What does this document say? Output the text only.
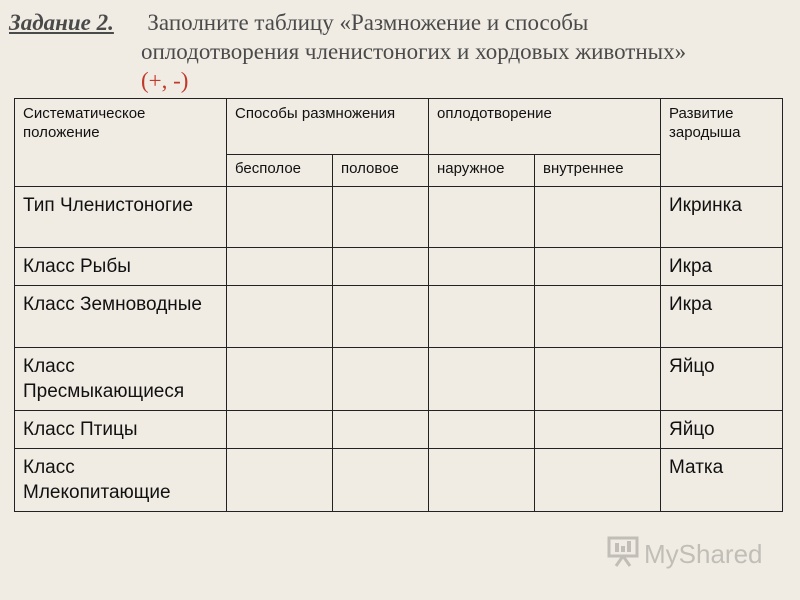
Задание 2. Заполните таблицу «Размножение и способы
оплодотворения членистоногих и хордовых животных»
(+, -)
Систематическое положение	Способы размножения		оплодотворение		Развитие зародыша
	бесполое	половое	наружное	внутреннее	
Тип Членистоногие					Икринка
Класс Рыбы					Икра
Класс Земноводные					Икра
Класс Пресмыкающиеся					Яйцо
Класс Птицы					Яйцо
Класс Млекопитающие					Матка
MyShared
